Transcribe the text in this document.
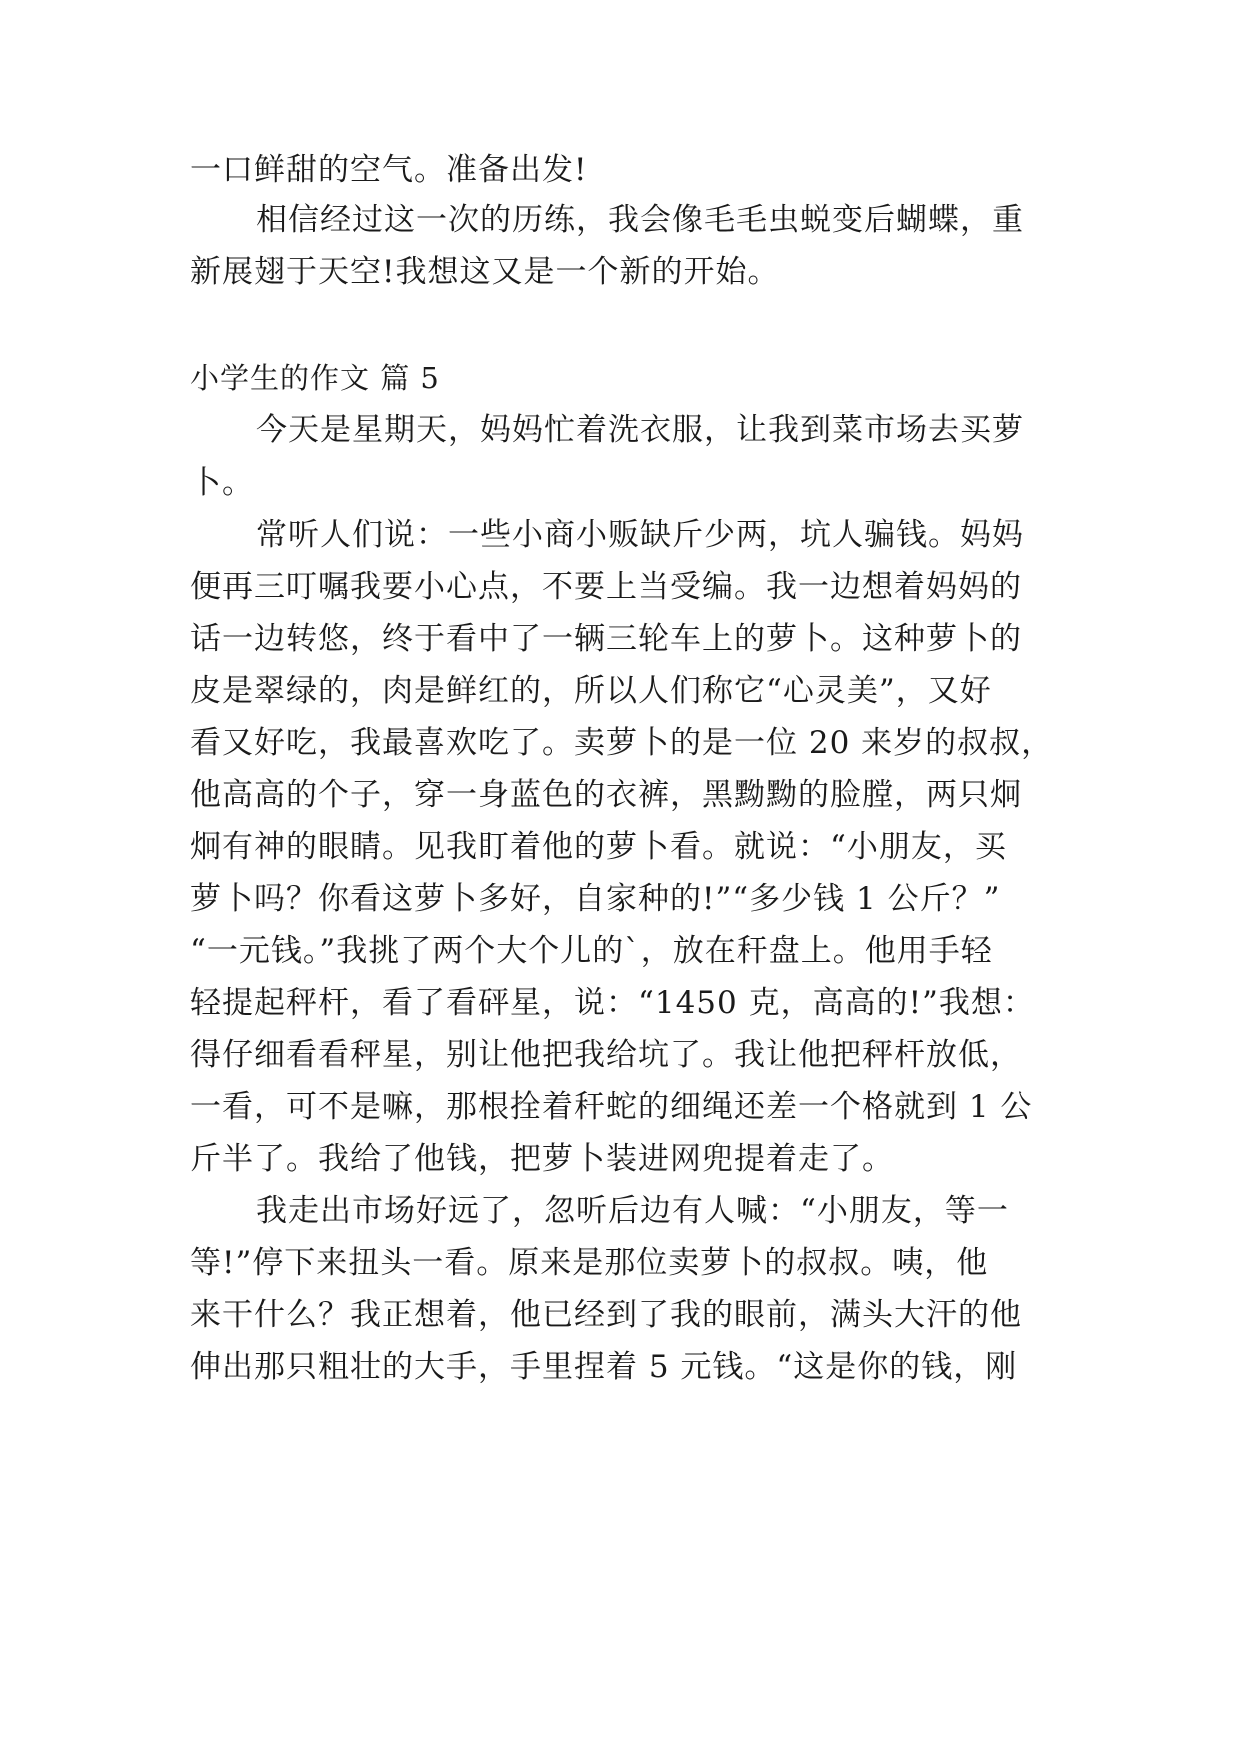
一口鲜甜的空气。准备出发!
相信经过这一次的历练，我会像毛毛虫蜕变后蝴蝶，重
新展翅于天空!我想这又是一个新的开始。
小学生的作文 篇 5
今天是星期天，妈妈忙着洗衣服，让我到菜市场去买萝
卜。
常听人们说：一些小商小贩缺斤少两，坑人骗钱。妈妈
便再三叮嘱我要小心点，不要上当受编。我一边想着妈妈的
话一边转悠，终于看中了一辆三轮车上的萝卜。这种萝卜的
皮是翠绿的，肉是鲜红的，所以人们称它“心灵美”，又好
看又好吃，我最喜欢吃了。卖萝卜的是一位 20 来岁的叔叔，
他高高的个子，穿一身蓝色的衣裤，黑黝黝的脸膛，两只炯
炯有神的眼睛。见我盯着他的萝卜看。就说：“小朋友，买
萝卜吗？你看这萝卜多好，自家种的!”“多少钱 1 公斤？”
“一元钱。”我挑了两个大个儿的`，放在秆盘上。他用手轻
轻提起秤杆，看了看砰星，说：“1450 克，高高的!”我想：
得仔细看看秤星，别让他把我给坑了。我让他把秤杆放低，
一看，可不是嘛，那根拴着秆蛇的细绳还差一个格就到 1 公
斤半了。我给了他钱，把萝卜装进网兜提着走了。
我走出市场好远了，忽听后边有人喊：“小朋友，等一
等!”停下来扭头一看。原来是那位卖萝卜的叔叔。咦，他
来干什么？我正想着，他已经到了我的眼前，满头大汗的他
伸出那只粗壮的大手，手里捏着 5 元钱。“这是你的钱，刚
